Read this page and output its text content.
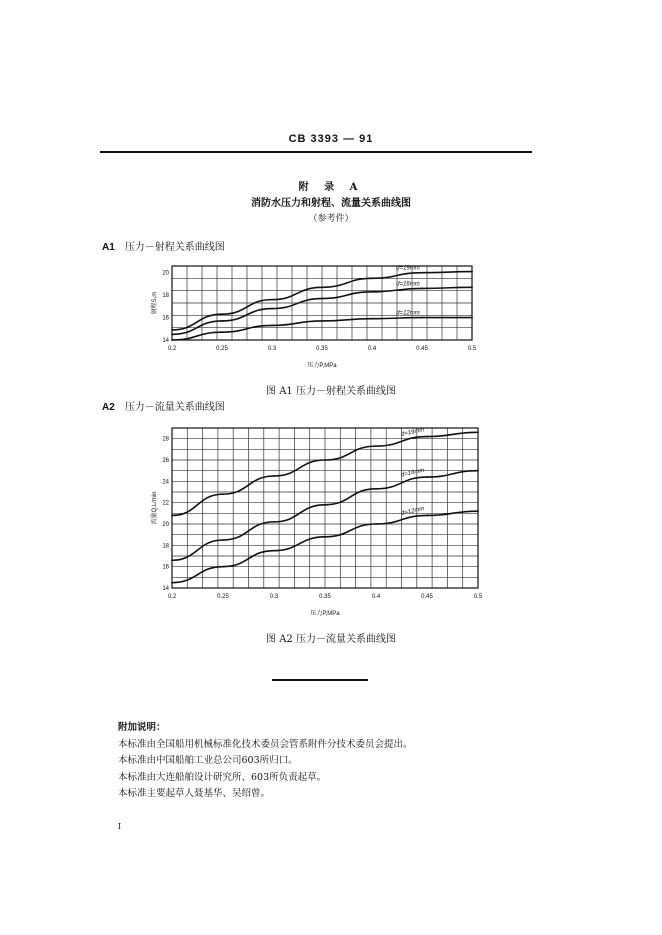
CB 3393 — 91
附 录 A
消防水压力和射程、流量关系曲线图
（参考件）
A1 压力－射程关系曲线图
0.2	0.25	0.3	0.35	0.4	0.45	0.5
14
16
18
20
射程S,m
压力P,MPa
d=19mm
d=16mm
d=12mm
图 A1 压力－射程关系曲线图
A2 压力－流量关系曲线图
0.2	0.25	0.3	0.35	0.4	0.45	0.5
14
16
18
20
22
24
26
28
流量Q,L/min
压力P,MPa
d=19mm
d=16mm
d=12mm
图 A2 压力－流量关系曲线图
附加说明：
本标准由全国船用机械标准化技术委员会管系附件分技术委员会提出。
本标准由中国船舶工业总公司603所归口。
本标准由大连船舶设计研究所、603所负责起草。
本标准主要起草人聂基华、吴绍曾。
I
